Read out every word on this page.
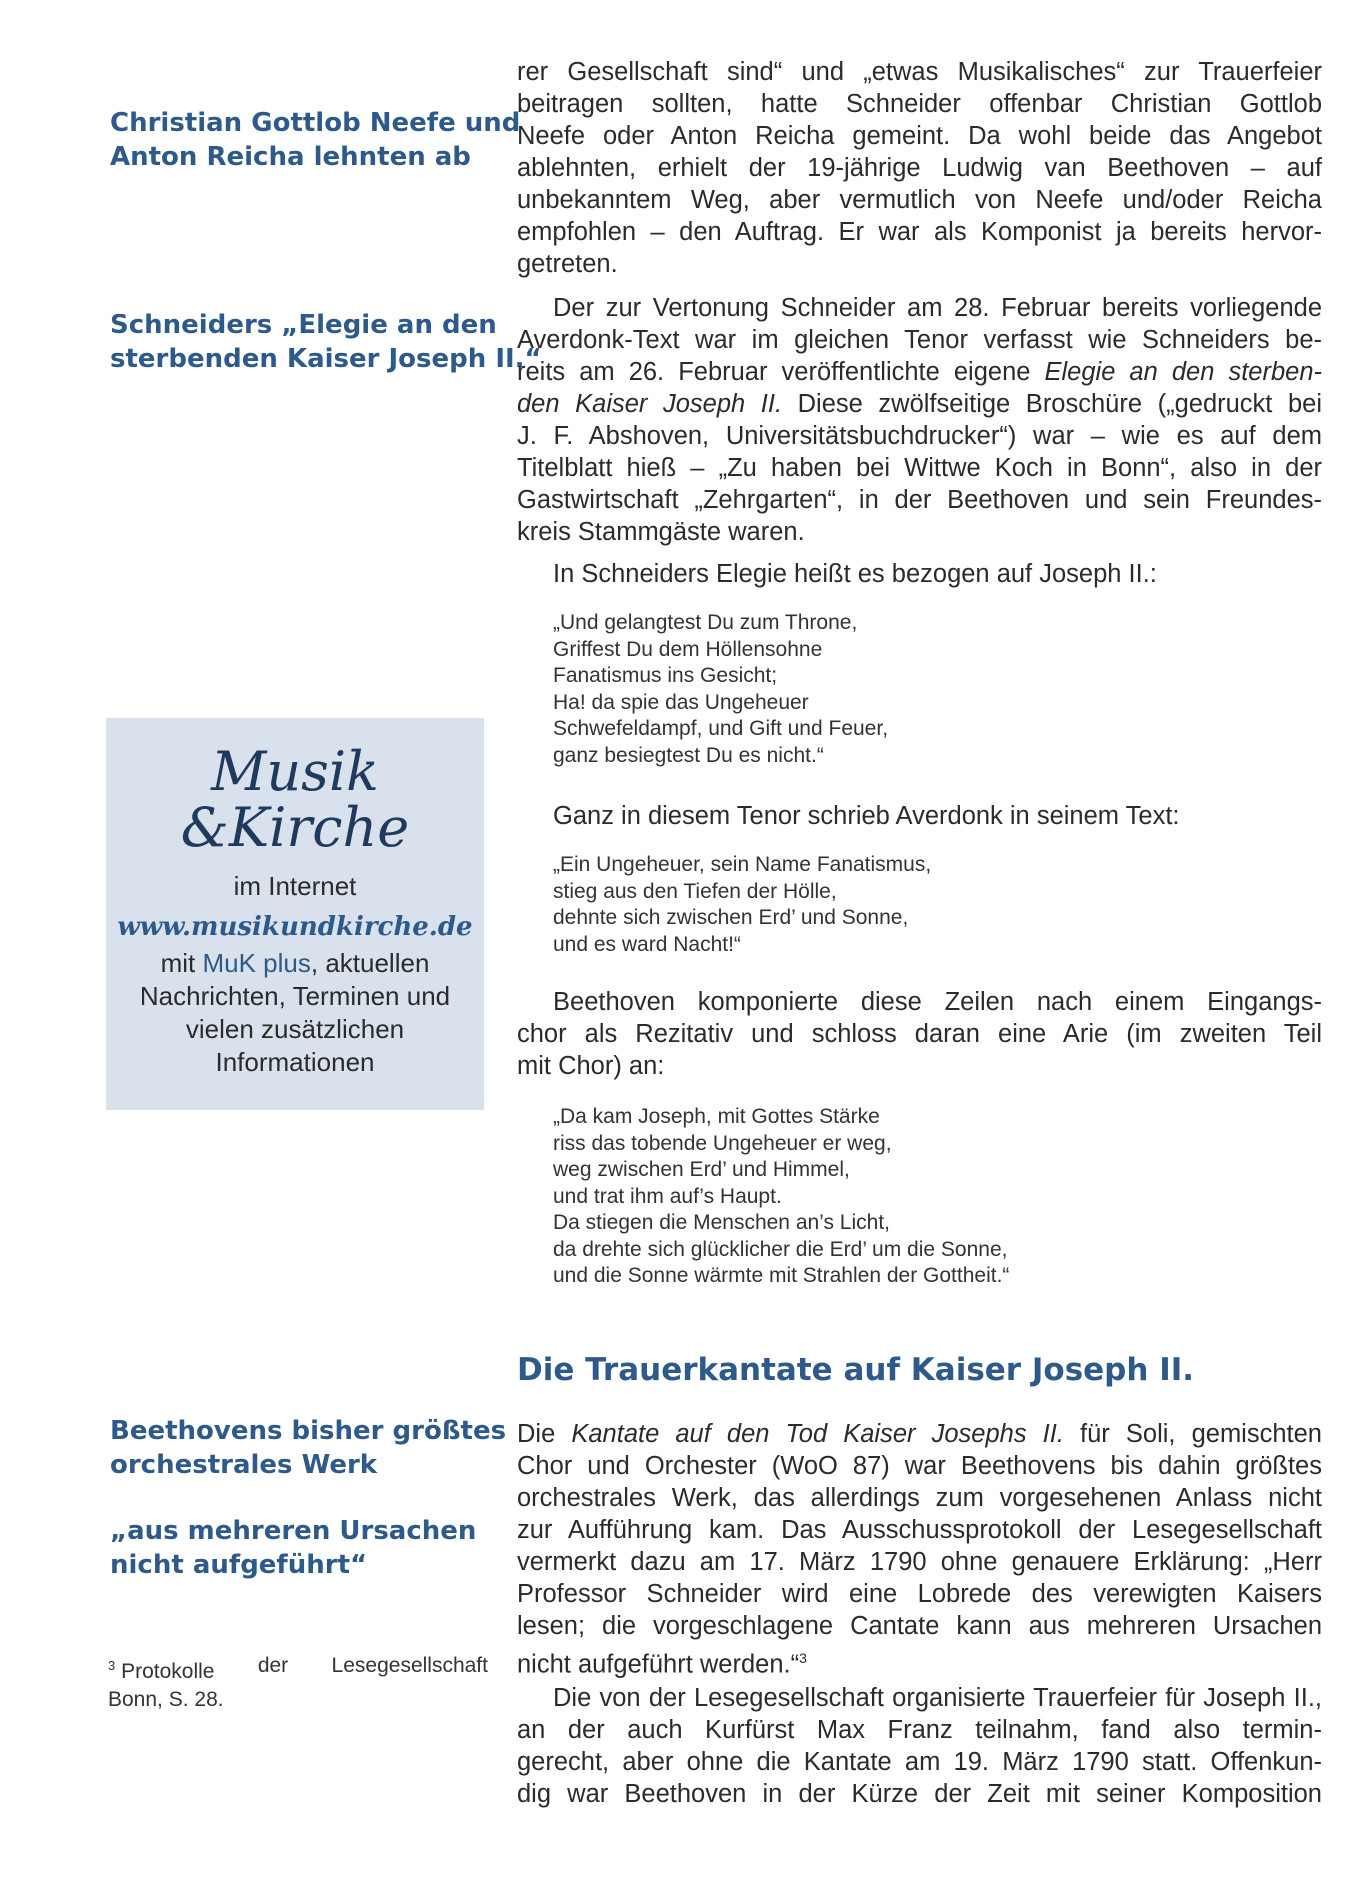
Christian Gottlob Neefe und
Anton Reicha lehnten ab
Schneiders „Elegie an den
sterbenden Kaiser Joseph II.“
Musik
&Kirche
im Internet
www.musikundkirche.de
mit MuK plus, aktuellen
Nachrichten, Terminen und
vielen zusätzlichen
Informationen
Beethovens bisher größtes
orchestrales Werk
„aus mehreren Ursachen
nicht aufgeführt“
$^3$ Protokolle der Lesegesellschaft
Bonn, S. 28.

rer Gesellschaft sind“ und „etwas Musikalisches“ zur Trauerfeier
beitragen sollten, hatte Schneider offenbar Christian Gottlob
Neefe oder Anton Reicha gemeint. Da wohl beide das Angebot
ablehnten, erhielt der 19-jährige Ludwig van Beethoven – auf
unbekanntem Weg, aber vermutlich von Neefe und/oder Reicha
empfohlen – den Auftrag. Er war als Komponist ja bereits hervor-
getreten.

Der zur Vertonung Schneider am 28. Februar bereits vorliegende
Averdonk-Text war im gleichen Tenor verfasst wie Schneiders be-
reits am 26. Februar veröffentlichte eigene Elegie an den sterben-
den Kaiser Joseph II. Diese zwölfseitige Broschüre („gedruckt bei
J. F. Abshoven, Universitätsbuchdrucker“) war – wie es auf dem
Titelblatt hieß – „Zu haben bei Wittwe Koch in Bonn“, also in der
Gastwirtschaft „Zehrgarten“, in der Beethoven und sein Freundes-
kreis Stammgäste waren.

In Schneiders Elegie heißt es bezogen auf Joseph II.:

„Und gelangtest Du zum Throne,
Griffest Du dem Höllensohne
Fanatismus ins Gesicht;
Ha! da spie das Ungeheuer
Schwefeldampf, und Gift und Feuer,
ganz besiegtest Du es nicht.“

Ganz in diesem Tenor schrieb Averdonk in seinem Text:

„Ein Ungeheuer, sein Name Fanatismus,
stieg aus den Tiefen der Hölle,
dehnte sich zwischen Erd’ und Sonne,
und es ward Nacht!“

Beethoven komponierte diese Zeilen nach einem Eingangs-
chor als Rezitativ und schloss daran eine Arie (im zweiten Teil
mit Chor) an:

„Da kam Joseph, mit Gottes Stärke
riss das tobende Ungeheuer er weg,
weg zwischen Erd’ und Himmel,
und trat ihm auf’s Haupt.
Da stiegen die Menschen an’s Licht,
da drehte sich glücklicher die Erd’ um die Sonne,
und die Sonne wärmte mit Strahlen der Gottheit.“
Die Trauerkantate auf Kaiser Joseph II.

Die Kantate auf den Tod Kaiser Josephs II. für Soli, gemischten
Chor und Orchester (WoO 87) war Beethovens bis dahin größtes
orchestrales Werk, das allerdings zum vorgesehenen Anlass nicht
zur Aufführung kam. Das Ausschussprotokoll der Lesegesellschaft
vermerkt dazu am 17. März 1790 ohne genauere Erklärung: „Herr
Professor Schneider wird eine Lobrede des verewigten Kaisers
lesen; die vorgeschlagene Cantate kann aus mehreren Ursachen
nicht aufgeführt werden.“$^3$

Die von der Lesegesellschaft organisierte Trauerfeier für Joseph II.,
an der auch Kurfürst Max Franz teilnahm, fand also termin-
gerecht, aber ohne die Kantate am 19. März 1790 statt. Offenkun-
dig war Beethoven in der Kürze der Zeit mit seiner Komposition
